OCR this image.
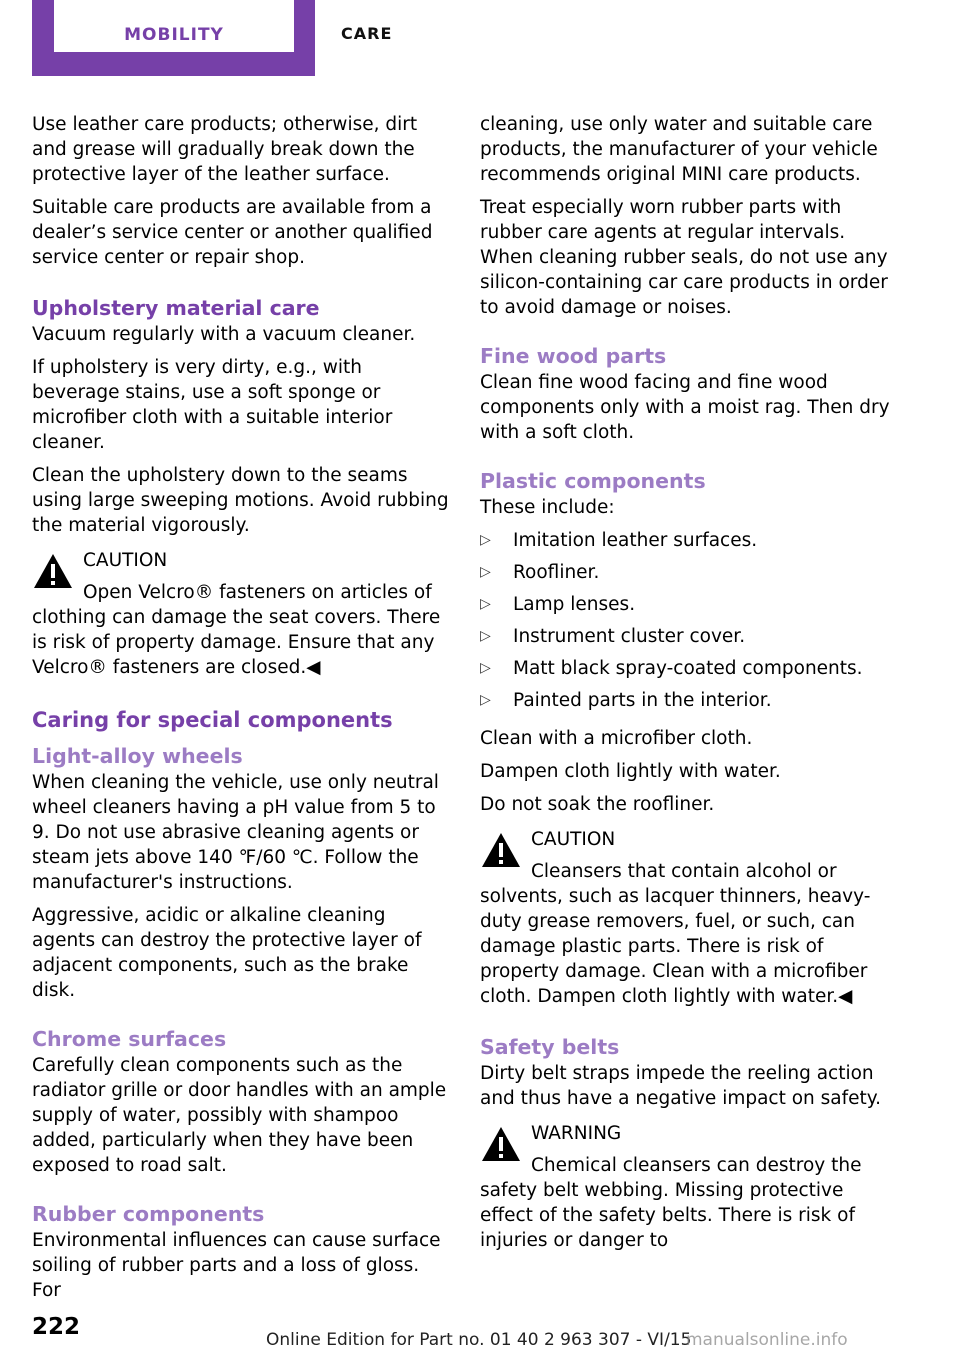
MOBILITY	CARE

Use leather care products; otherwise, dirt and grease will gradually break down the protective layer of the leather surface.

Suitable care products are available from a dealer’s service center or another qualified service center or repair shop.

Upholstery material care

Vacuum regularly with a vacuum cleaner.

If upholstery is very dirty, e.g., with beverage stains, use a soft sponge or microfiber cloth with a suitable interior cleaner.

Clean the upholstery down to the seams using large sweeping motions. Avoid rubbing the material vigorously.

CAUTION

Open Velcro® fasteners on articles of clothing can damage the seat covers. There is risk of property damage. Ensure that any Velcro® fasteners are closed.◀

Caring for special components
Light-alloy wheels

When cleaning the vehicle, use only neutral wheel cleaners having a pH value from 5 to 9. Do not use abrasive cleaning agents or steam jets above 140 ℉/60 ℃. Follow the manufacturer's instructions.

Aggressive, acidic or alkaline cleaning agents can destroy the protective layer of adjacent components, such as the brake disk.

Chrome surfaces

Carefully clean components such as the radiator grille or door handles with an ample supply of water, possibly with shampoo added, particularly when they have been exposed to road salt.

Rubber components

Environmental influences can cause surface soiling of rubber parts and a loss of gloss. For

cleaning, use only water and suitable care products, the manufacturer of your vehicle recommends original MINI care products.

Treat especially worn rubber parts with rubber care agents at regular intervals. When cleaning rubber seals, do not use any silicon-containing car care products in order to avoid damage or noises.

Fine wood parts

Clean fine wood facing and fine wood components only with a moist rag. Then dry with a soft cloth.

Plastic components

These include:

▷ Imitation leather surfaces.
▷ Roofliner.
▷ Lamp lenses.
▷ Instrument cluster cover.
▷ Matt black spray-coated components.
▷ Painted parts in the interior.

Clean with a microfiber cloth.

Dampen cloth lightly with water.

Do not soak the roofliner.

CAUTION

Cleansers that contain alcohol or solvents, such as lacquer thinners, heavy-duty grease removers, fuel, or such, can damage plastic parts. There is risk of property damage. Clean with a microfiber cloth. Dampen cloth lightly with water.◀

Safety belts

Dirty belt straps impede the reeling action and thus have a negative impact on safety.

WARNING

Chemical cleansers can destroy the safety belt webbing. Missing protective effect of the safety belts. There is risk of injuries or danger to

222	Online Edition for Part no. 01 40 2 963 307 - VI/15
manualsonline.info
